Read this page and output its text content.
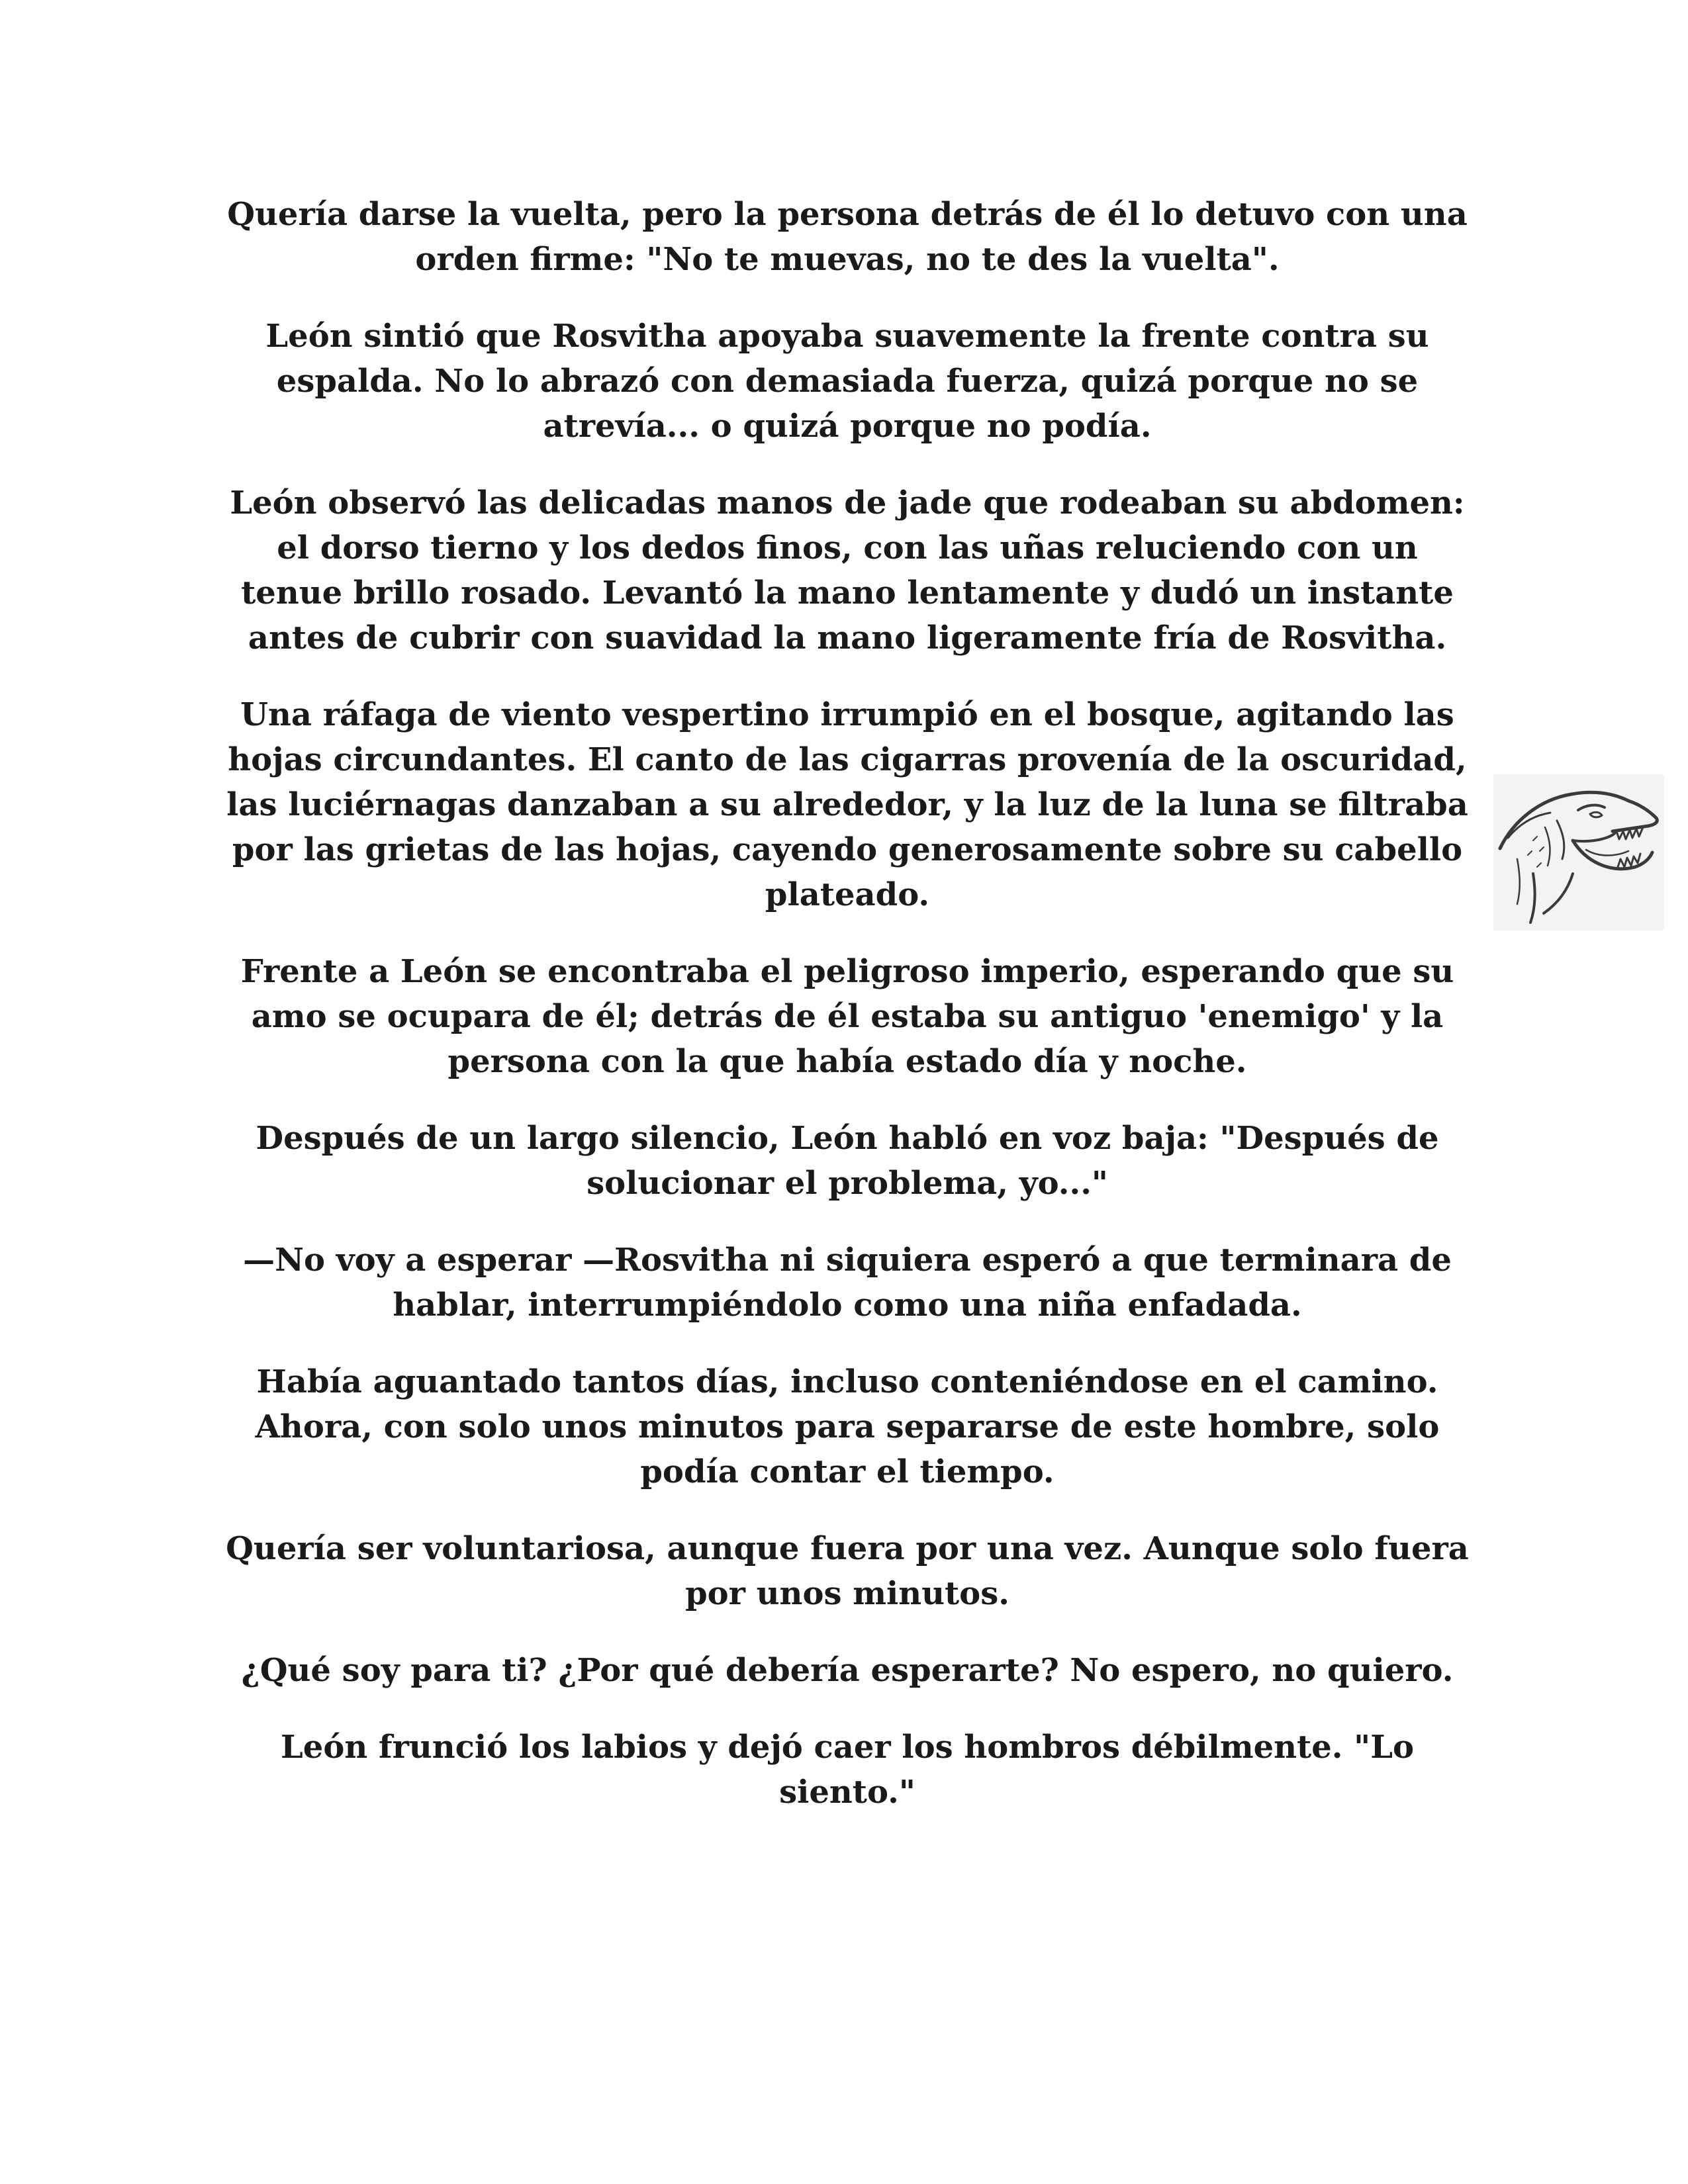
Quería darse la vuelta, pero la persona detrás de él lo detuvo con una orden firme: "No te muevas, no te des la vuelta".

León sintió que Rosvitha apoyaba suavemente la frente contra su espalda. No lo abrazó con demasiada fuerza, quizá porque no se atrevía... o quizá porque no podía.

León observó las delicadas manos de jade que rodeaban su abdomen: el dorso tierno y los dedos finos, con las uñas reluciendo con un tenue brillo rosado. Levantó la mano lentamente y dudó un instante antes de cubrir con suavidad la mano ligeramente fría de Rosvitha.

Una ráfaga de viento vespertino irrumpió en el bosque, agitando las hojas circundantes. El canto de las cigarras provenía de la oscuridad, las luciérnagas danzaban a su alrededor, y la luz de la luna se filtraba por las grietas de las hojas, cayendo generosamente sobre su cabello plateado.

Frente a León se encontraba el peligroso imperio, esperando que su amo se ocupara de él; detrás de él estaba su antiguo 'enemigo' y la persona con la que había estado día y noche.

Después de un largo silencio, León habló en voz baja: "Después de solucionar el problema, yo..."

—No voy a esperar —Rosvitha ni siquiera esperó a que terminara de hablar, interrumpiéndolo como una niña enfadada.

Había aguantado tantos días, incluso conteniéndose en el camino. Ahora, con solo unos minutos para separarse de este hombre, solo podía contar el tiempo.

Quería ser voluntariosa, aunque fuera por una vez. Aunque solo fuera por unos minutos.

¿Qué soy para ti? ¿Por qué debería esperarte? No espero, no quiero.

León frunció los labios y dejó caer los hombros débilmente. "Lo siento."
